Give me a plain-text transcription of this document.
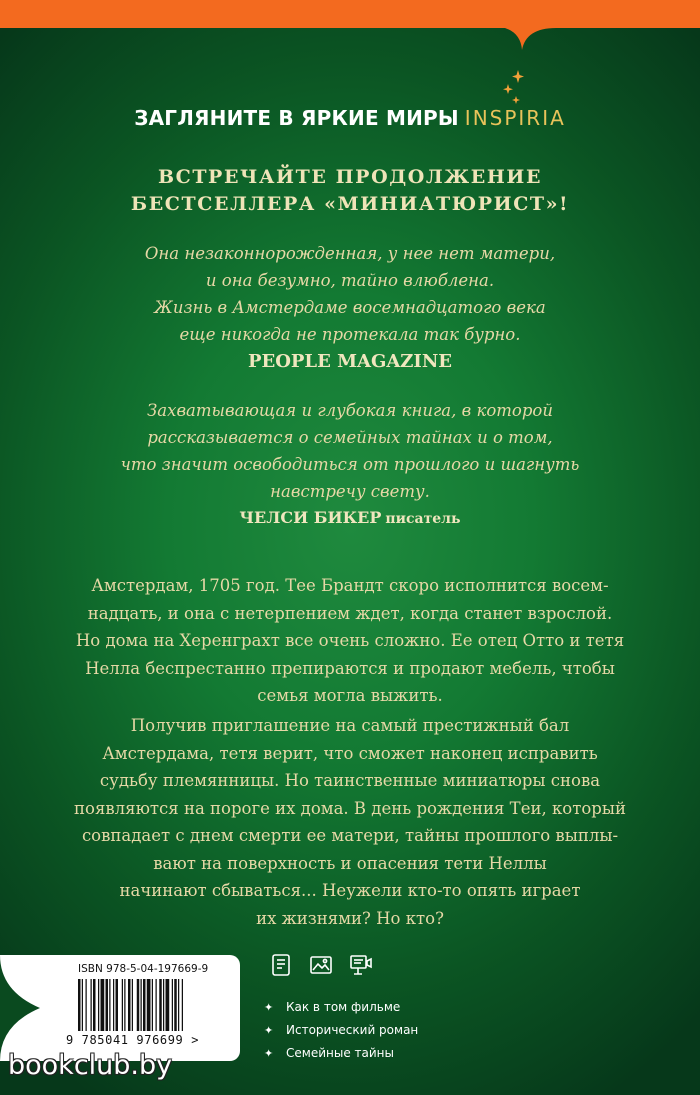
ЗАГЛЯНИТЕ В ЯРКИЕ МИРЫ INSPIRIA
ВСТРЕЧАЙТЕ ПРОДОЛЖЕНИЕ
БЕСТСЕЛЛЕРА «МИНИАТЮРИСТ»!
Она незаконнорожденная, у нее нет матери,
и она безумно, тайно влюблена.
Жизнь в Амстердаме восемнадцатого века
еще никогда не протекала так бурно.
PEOPLE MAGAZINE
Захватывающая и глубокая книга, в которой
рассказывается о семейных тайнах и о том,
что значит освободиться от прошлого и шагнуть
навстречу свету.
ЧЕЛСИ БИКЕР писатель
Амстердам, 1705 год. Тее Брандт скоро исполнится восем-
надцать, и она с нетерпением ждет, когда станет взрослой.
Но дома на Херенграхт все очень сложно. Ее отец Отто и тетя
Нелла беспрестанно препираются и продают мебель, чтобы
семья могла выжить.
Получив приглашение на самый престижный бал
Амстердама, тетя верит, что сможет наконец исправить
судьбу племянницы. Но таинственные миниатюры снова
появляются на пороге их дома. В день рождения Теи, который
совпадает с днем смерти ее матери, тайны прошлого выплы-
вают на поверхность и опасения тети Неллы
начинают сбываться... Неужели кто-то опять играет
их жизнями? Но кто?
ISBN 978-5-04-197669-9
9 785041 976699 >
✦	Как в том фильме
✦	Исторический роман
✦	Семейные тайны
bookclub.by
